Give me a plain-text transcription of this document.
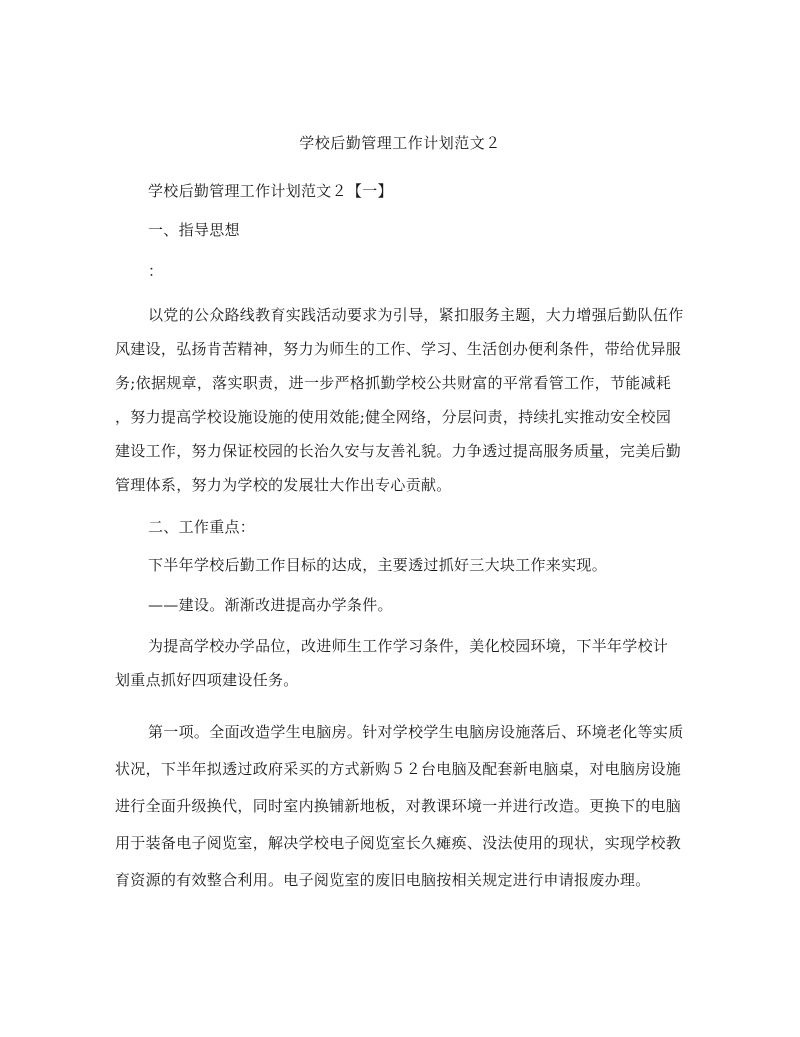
学校后勤管理工作计划范文２
学校后勤管理工作计划范文２【一】
一、指导思想
：

以党的公众路线教育实践活动要求为引导，紧扣服务主题，大力增强后勤队伍作

风建设，弘扬肯苦精神，努力为师生的工作、学习、生活创办便利条件，带给优异服

务;依据规章，落实职责，进一步严格抓勤学校公共财富的平常看管工作，节能减耗

，努力提高学校设施设施的使用效能;健全网络，分层问责，持续扎实推动安全校园

建设工作，努力保证校园的长治久安与友善礼貌。力争透过提高服务质量，完美后勤

管理体系，努力为学校的发展壮大作出专心贡献。

二、工作重点：
下半年学校后勤工作目标的达成，主要透过抓好三大块工作来实现。
——建设。渐渐改进提高办学条件。

为提高学校办学品位，改进师生工作学习条件，美化校园环境，下半年学校计

划重点抓好四项建设任务。

第一项。全面改造学生电脑房。针对学校学生电脑房设施落后、环境老化等实质

状况，下半年拟透过政府采买的方式新购５２台电脑及配套新电脑桌，对电脑房设施

进行全面升级换代，同时室内换铺新地板，对教课环境一并进行改造。更换下的电脑

用于装备电子阅览室，解决学校电子阅览室长久瘫痪、没法使用的现状，实现学校教

育资源的有效整合利用。电子阅览室的废旧电脑按相关规定进行申请报废办理。
